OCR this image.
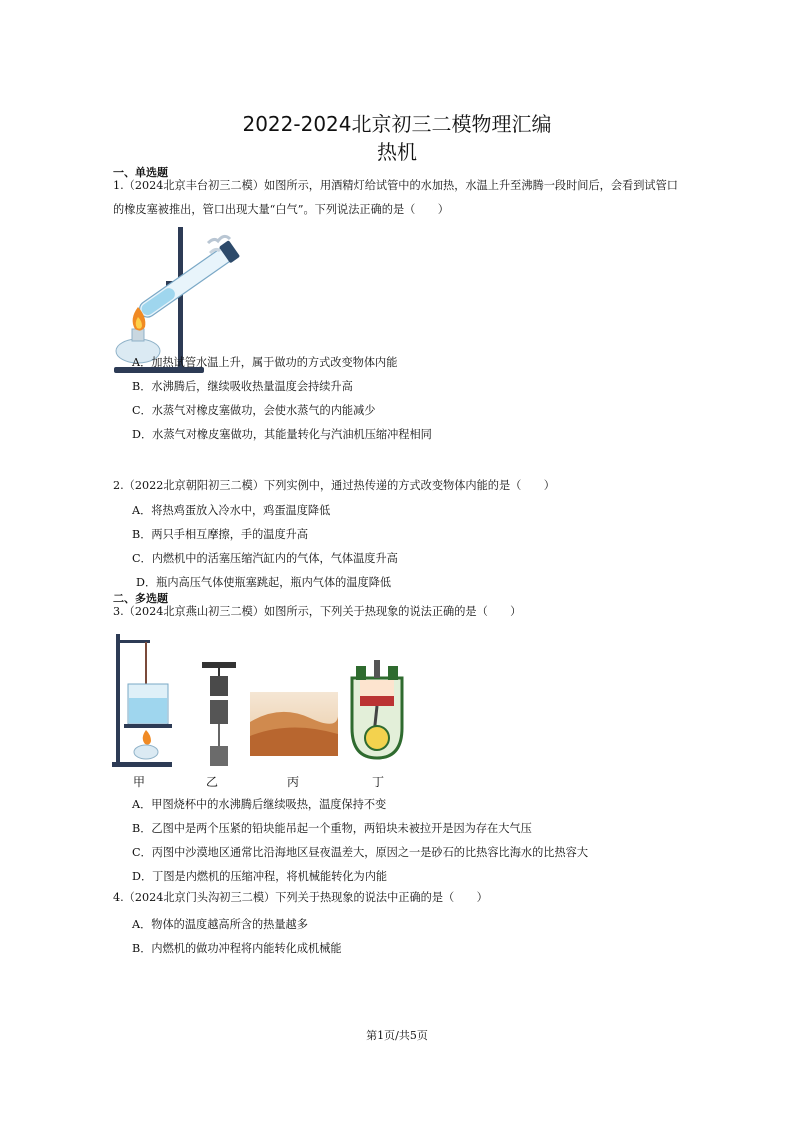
2022-2024北京初三二模物理汇编
热机
一、单选题
1.（2024北京丰台初三二模）如图所示，用酒精灯给试管中的水加热，水温上升至沸腾一段时间后，会看到试管口的橡皮塞被推出，管口出现大量“白气”。下列说法正确的是（　　）
A．加热试管水温上升，属于做功的方式改变物体内能
B．水沸腾后，继续吸收热量温度会持续升高
C．水蒸气对橡皮塞做功，会使水蒸气的内能减少
D．水蒸气对橡皮塞做功，其能量转化与汽油机压缩冲程相同
2.（2022北京朝阳初三二模）下列实例中，通过热传递的方式改变物体内能的是（　　）
A．将热鸡蛋放入冷水中，鸡蛋温度降低
B．两只手相互摩擦，手的温度升高
C．内燃机中的活塞压缩汽缸内的气体，气体温度升高
D．瓶内高压气体使瓶塞跳起，瓶内气体的温度降低
二、多选题
3.（2024北京燕山初三二模）如图所示，下列关于热现象的说法正确的是（　　）
甲	乙	丙	丁
A．甲图烧杯中的水沸腾后继续吸热，温度保持不变
B．乙图中是两个压紧的铅块能吊起一个重物，两铅块未被拉开是因为存在大气压
C．丙图中沙漠地区通常比沿海地区昼夜温差大，原因之一是砂石的比热容比海水的比热容大
D．丁图是内燃机的压缩冲程，将机械能转化为内能
4.（2024北京门头沟初三二模）下列关于热现象的说法中正确的是（　　）
A．物体的温度越高所含的热量越多
B．内燃机的做功冲程将内能转化成机械能
第1页/共5页
